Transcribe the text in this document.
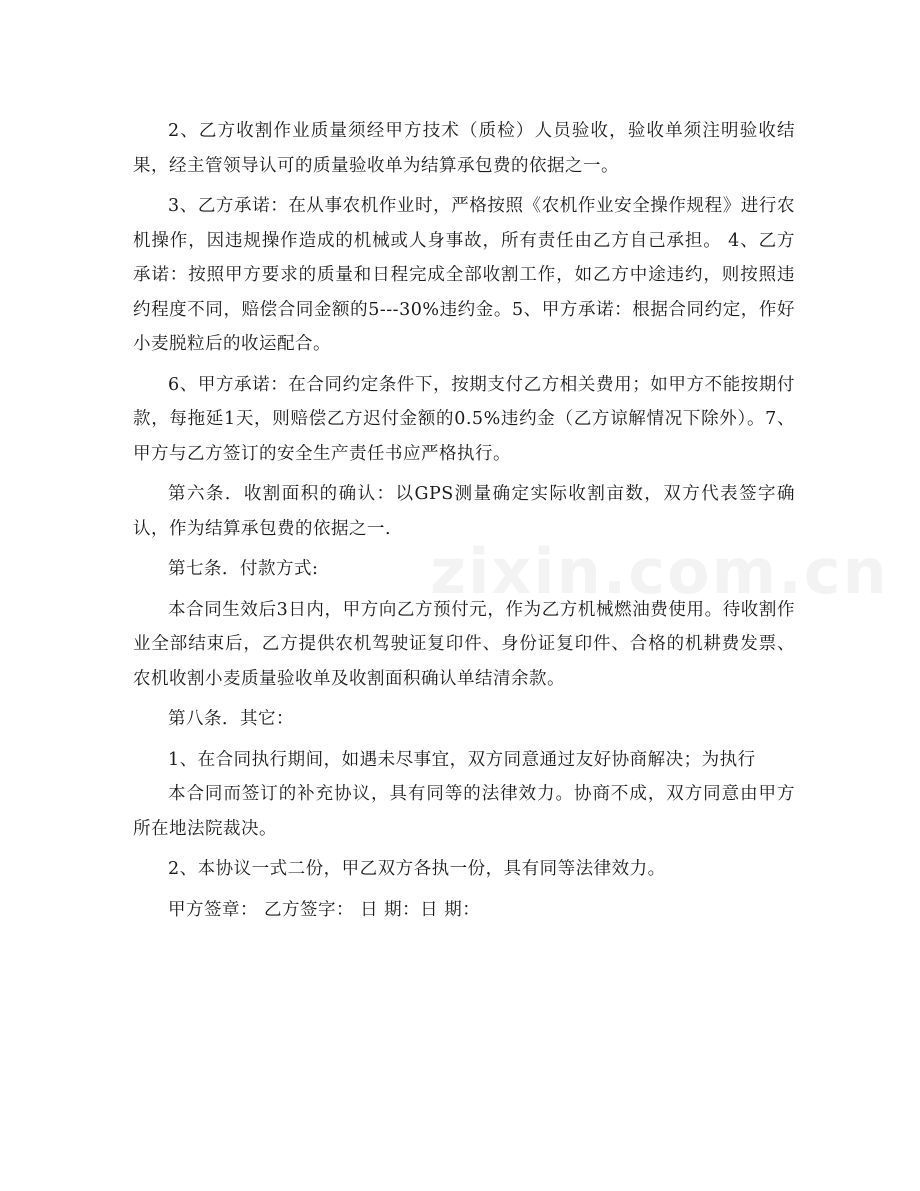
zixin.com.cn

2、乙方收割作业质量须经甲方技术（质检）人员验收，验收单须注明验收结果，经主管领导认可的质量验收单为结算承包费的依据之一。

3、乙方承诺：在从事农机作业时，严格按照《农机作业安全操作规程》进行农机操作，因违规操作造成的机械或人身事故，所有责任由乙方自己承担。 4、乙方承诺：按照甲方要求的质量和日程完成全部收割工作，如乙方中途违约，则按照违约程度不同，赔偿合同金额的5---30%违约金。5、甲方承诺：根据合同约定，作好小麦脱粒后的收运配合。

6、甲方承诺：在合同约定条件下，按期支付乙方相关费用；如甲方不能按期付款，每拖延1天，则赔偿乙方迟付金额的0.5%违约金（乙方谅解情况下除外）。7、甲方与乙方签订的安全生产责任书应严格执行。

第六条．收割面积的确认：以GPS测量确定实际收割亩数，双方代表签字确认，作为结算承包费的依据之一.

第七条．付款方式:

本合同生效后3日内，甲方向乙方预付元，作为乙方机械燃油费使用。待收割作业全部结束后，乙方提供农机驾驶证复印件、身份证复印件、合格的机耕费发票、农机收割小麦质量验收单及收割面积确认单结清余款。

第八条．其它：

1、在合同执行期间，如遇未尽事宜，双方同意通过友好协商解决；为执行

本合同而签订的补充协议，具有同等的法律效力。协商不成，双方同意由甲方所在地法院裁决。

2、本协议一式二份，甲乙双方各执一份，具有同等法律效力。

甲方签章： 乙方签字： 日 期：日 期：
